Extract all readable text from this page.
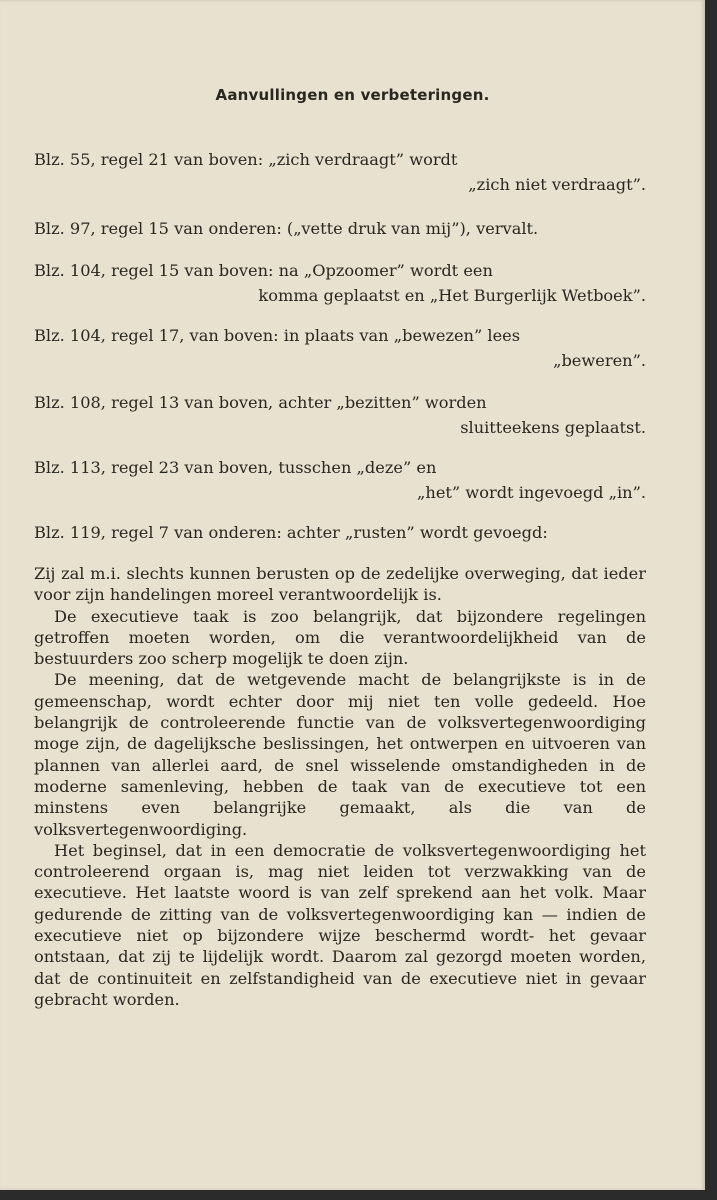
Aanvullingen en verbeteringen.
Blz. 55, regel 21 van boven: „zich verdraagt” wordt
„zich niet verdraagt”.
Blz. 97, regel 15 van onderen: („vette druk van mij”), vervalt.
Blz. 104, regel 15 van boven: na „Opzoomer” wordt een
komma geplaatst en „Het Burgerlijk Wetboek”.
Blz. 104, regel 17, van boven: in plaats van „bewezen” lees
„beweren”.
Blz. 108, regel 13 van boven, achter „bezitten” worden
sluitteekens geplaatst.
Blz. 113, regel 23 van boven, tusschen „deze” en
„het” wordt ingevoegd „in”.
Blz. 119, regel 7 van onderen: achter „rusten” wordt gevoegd:

Zij zal m.i. slechts kunnen berusten op de zedelijke overweging, dat ieder voor zijn handelingen moreel verantwoordelijk is.

De executieve taak is zoo belangrijk, dat bijzondere regelingen getroffen moeten worden, om die verantwoordelijkheid van de bestuurders zoo scherp mogelijk te doen zijn.

De meening, dat de wetgevende macht de belangrijkste is in de gemeenschap, wordt echter door mij niet ten volle gedeeld. Hoe belangrijk de controleerende functie van de volksvertegenwoordiging moge zijn, de dagelijksche beslissingen, het ontwerpen en uitvoeren van plannen van allerlei aard, de snel wisselende omstandigheden in de moderne samenleving, hebben de taak van de executieve tot een minstens even belangrijke gemaakt, als die van de volksvertegenwoordiging.

Het beginsel, dat in een democratie de volksvertegenwoordiging het controleerend orgaan is, mag niet leiden tot verzwakking van de executieve. Het laatste woord is van zelf sprekend aan het volk. Maar gedurende de zitting van de volksvertegenwoordiging kan — indien de executieve niet op bijzondere wijze beschermd wordt- het gevaar ontstaan, dat zij te lijdelijk wordt. Daarom zal gezorgd moeten worden, dat de continuiteit en zelfstandigheid van de executieve niet in gevaar gebracht worden.
